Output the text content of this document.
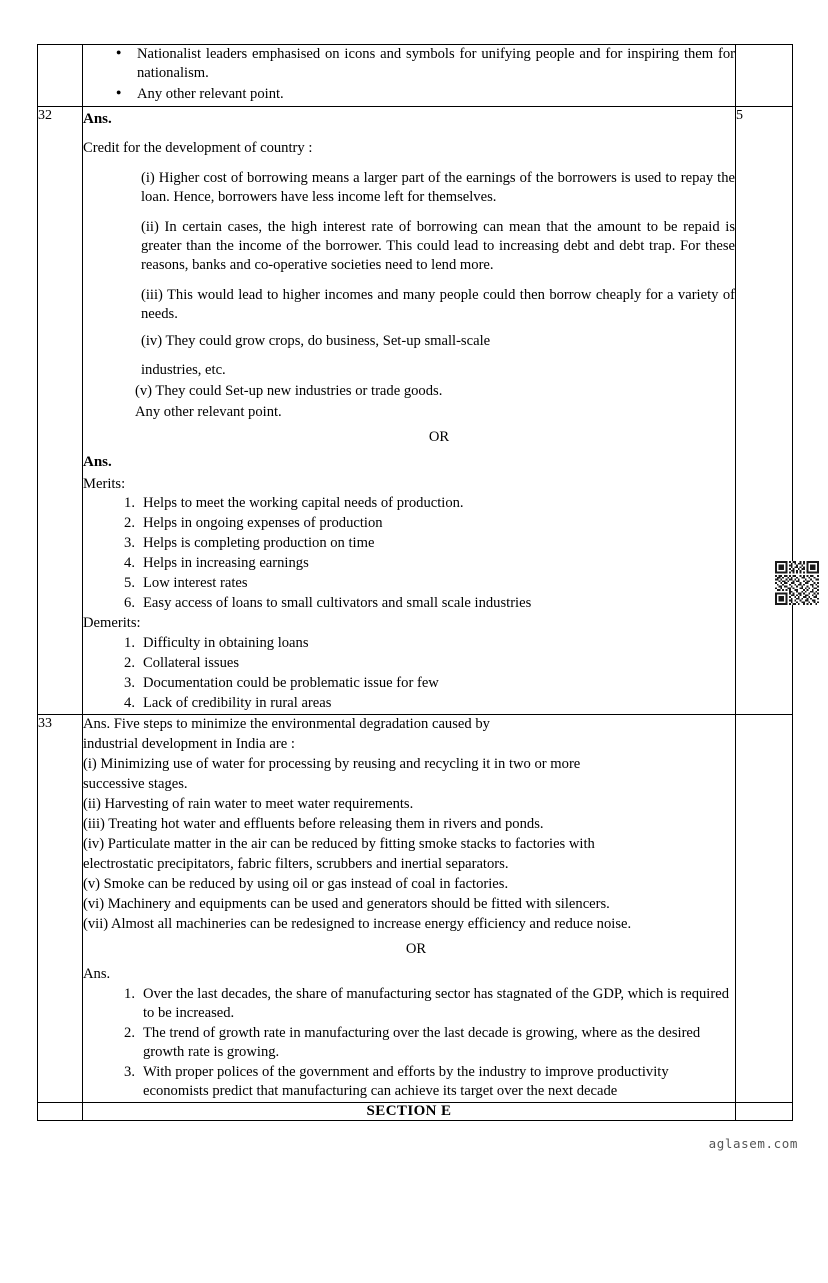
aglasem.com

● Nationalist leaders emphasised on icons and symbols for unifying people and for inspiring them for nationalism.
● Any other relevant point.

32	Ans.
Credit for the development of country :
(i) Higher cost of borrowing means a larger part of the earnings of the borrowers is used to repay the loan. Hence, borrowers have less income left for themselves.
(ii) In certain cases, the high interest rate of borrowing can mean that the amount to be repaid is greater than the income of the borrower. This could lead to increasing debt and debt trap. For these reasons, banks and co-operative societies need to lend more.
(iii) This would lead to higher incomes and many people could then borrow cheaply for a variety of needs.
(iv) They could grow crops, do business, Set-up small-scale
industries, etc.
(v) They could Set-up new industries or trade goods.
Any other relevant point.
OR
Ans.
Merits:
Helps to meet the working capital needs of production.
Helps in ongoing expenses of production
Helps is completing production on time
Helps in increasing earnings
Low interest rates
Easy access of loans to small cultivators and small scale industries
Demerits:
Difficulty in obtaining loans
Collateral issues
Documentation could be problematic issue for few
Lack of credibility in rural areas
	5
33	Ans. Five steps to minimize the environmental degradation caused by
industrial development in India are :
(i) Minimizing use of water for processing by reusing and recycling it in two or more
successive stages.
(ii) Harvesting of rain water to meet water requirements.
(iii) Treating hot water and effluents before releasing them in rivers and ponds.
(iv) Particulate matter in the air can be reduced by fitting smoke stacks to factories with
electrostatic precipitators, fabric filters, scrubbers and inertial separators.
(v) Smoke can be reduced by using oil or gas instead of coal in factories.
(vi) Machinery and equipments can be used and generators should be fitted with silencers.
(vii) Almost all machineries can be redesigned to increase energy efficiency and reduce noise.
OR
Ans.
Over the last decades, the share of manufacturing sector has stagnated of the GDP, which is required to be increased.
The trend of growth rate in manufacturing over the last decade is growing, where as the desired growth rate is growing.
With proper polices of the government and efforts by the industry to improve productivity economists predict that manufacturing can achieve its target over the next decade

	SECTION E	
